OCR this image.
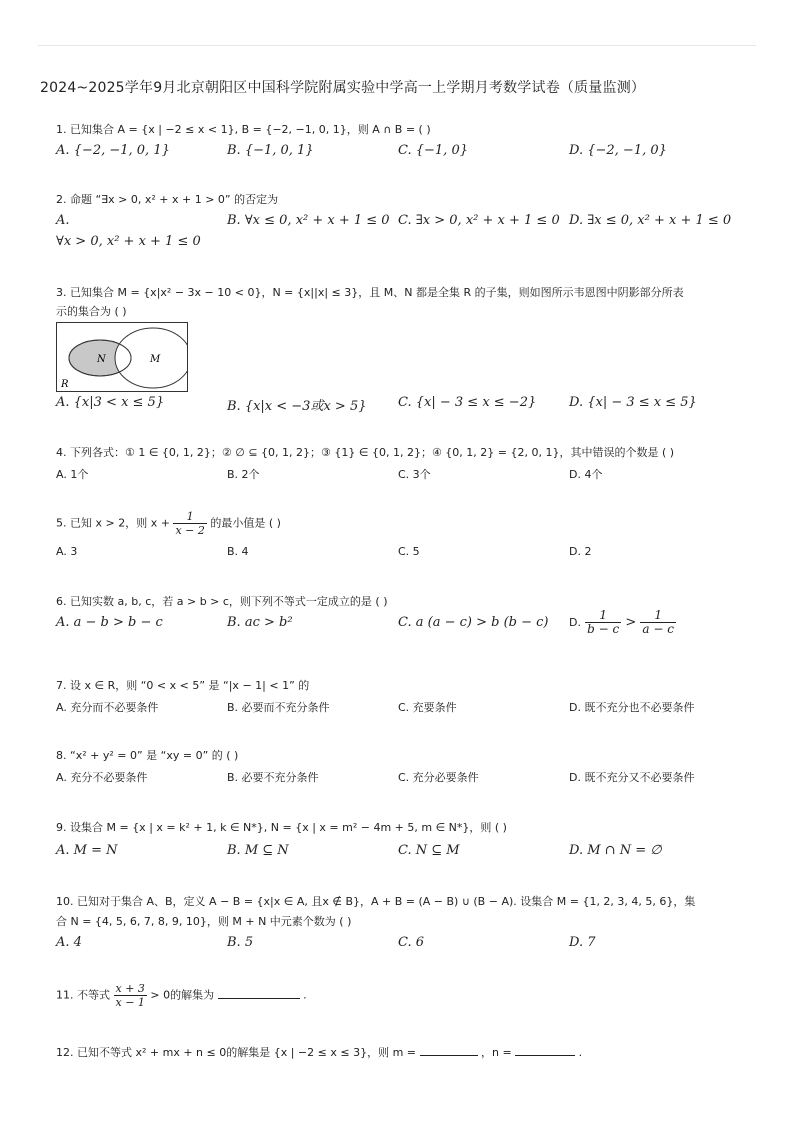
2024~2025学年9月北京朝阳区中国科学院附属实验中学高一上学期月考数学试卷（质量监测）
1. 已知集合 A = {x | −2 ≤ x < 1}, B = {−2, −1, 0, 1}，则 A ∩ B = ( )
A. {−2, −1, 0, 1}	B. {−1, 0, 1}	C. {−1, 0}	D. {−2, −1, 0}
2. 命题 “∃x > 0, x² + x + 1 > 0” 的否定为
A.	B. ∀x ≤ 0, x² + x + 1 ≤ 0 C. ∃x > 0, x² + x + 1 ≤ 0 D. ∃x ≤ 0, x² + x + 1 ≤ 0
∀x > 0, x² + x + 1 ≤ 0
3. 已知集合 M = {x|x² − 3x − 10 < 0}，N = {x||x| ≤ 3}，且 M、N 都是全集 R 的子集，则如图所示韦恩图中阴影部分所表
示的集合为 ( )
N	M
R
A. {x|3 < x ≤ 5}	B. {x|x < −3或x > 5} C. {x| − 3 ≤ x ≤ −2}	D. {x| − 3 ≤ x ≤ 5}
4. 下列各式：① 1 ∈ {0, 1, 2}；② ∅ ⊆ {0, 1, 2}；③ {1} ∈ {0, 1, 2}；④ {0, 1, 2} = {2, 0, 1}，其中错误的个数是 ( )
A. 1个	B. 2个	C. 3个	D. 4个
5. 已知 x > 2，则 $x + \frac{1}{x - 2}$ 的最小值是 ( )
A. 3	B. 4	C. 5	D. 2
6. 已知实数 a, b, c，若 a > b > c，则下列不等式一定成立的是 ( )
A. a − b > b − c	B. ac > b²	C. a (a − c) > b (b − c) D. $\frac{1}{b - c} > \frac{1}{a - c}$
7. 设 x ∈ R，则 “0 < x < 5” 是 “|x − 1| < 1” 的
A. 充分而不必要条件	B. 必要而不充分条件	C. 充要条件	D. 既不充分也不必要条件
8. “x² + y² = 0” 是 “xy = 0” 的 ( )
A. 充分不必要条件	B. 必要不充分条件	C. 充分必要条件	D. 既不充分又不必要条件
9. 设集合 M = {x | x = k² + 1, k ∈ N*}, N = {x | x = m² − 4m + 5, m ∈ N*}，则 ( )
A. M = N	B. M ⊆ N	C. N ⊆ M	D. M ∩ N = ∅
10. 已知对于集合 A、B，定义 A − B = {x|x ∈ A, 且x ∉ B}，A + B = (A − B) ∪ (B − A). 设集合 M = {1, 2, 3, 4, 5, 6}，集
合 N = {4, 5, 6, 7, 8, 9, 10}，则 M + N 中元素个数为 ( )
A. 4	B. 5	C. 6	D. 7
11. 不等式 $\frac{x + 3}{x - 1} > 0$的解集为	.
12. 已知不等式 x² + mx + n ≤ 0的解集是 {x | −2 ≤ x ≤ 3}，则 m =	，n =	.
